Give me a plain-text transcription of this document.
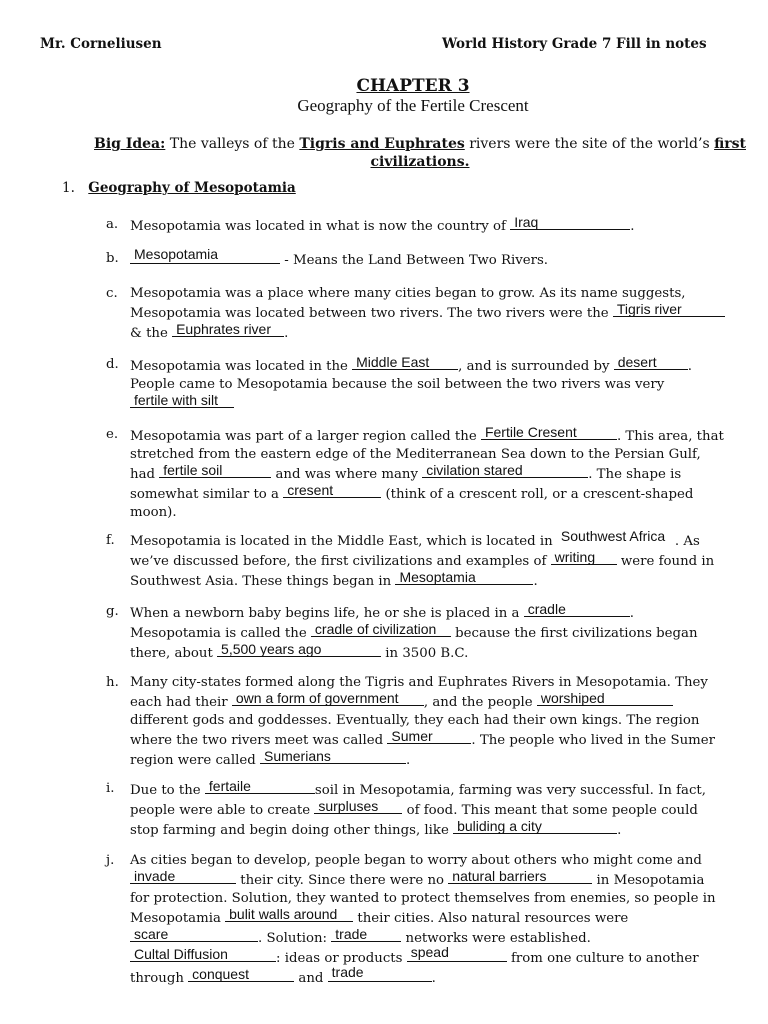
Mr. Corneliusen	World History Grade 7 Fill in notes
CHAPTER 3
Geography of the Fertile Crescent
Big Idea: The valleys of the Tigris and Euphrates rivers were the site of the world’s first civilizations.
1. Geography of Mesopotamia
a. Mesopotamia was located in what is now the country of Iraq	.
b. Mesopotamia	- Means the Land Between Two Rivers.
c. Mesopotamia was a place where many cities began to grow. As its name suggests, Mesopotamia was located between two rivers. The two rivers were the Tigris river
& the Euphrates river .
d. Mesopotamia was located in the Middle East , and is surrounded by desert . People came to Mesopotamia because the soil between the two rivers was very
fertile with silt
e. Mesopotamia was part of a larger region called the Fertile Cresent	. This area, that stretched from the eastern edge of the Mediterranean Sea down to the Persian Gulf, had fertile soil	and was where many civilation stared	. The shape is somewhat similar to a cresent	(think of a crescent roll, or a crescent-shaped moon).
f. Mesopotamia is located in the Middle East, which is located in Southwest Africa . As we’ve discussed before, the first civilizations and examples of writing were found in Southwest Asia. These things began in Mesoptamia	.
g. When a newborn baby begins life, he or she is placed in a cradle	. Mesopotamia is called the cradle of civilization because the first civilizations began there, about 5,500 years ago	in 3500 B.C.
h. Many city-states formed along the Tigris and Euphrates Rivers in Mesopotamia. They each had their own a form of government , and the people worshiped
different gods and goddesses. Eventually, they each had their own kings. The region where the two rivers meet was called Sumer	. The people who lived in the Sumer region were called Sumerians	.
i. Due to the fertaile	soil in Mesopotamia, farming was very successful. In fact, people were able to create surpluses of food. This meant that some people could stop farming and begin doing other things, like buliding a city	.
j. As cities began to develop, people began to worry about others who might come and
invade	their city. Since there were no natural barriers	in Mesopotamia for protection. Solution, they wanted to protect themselves from enemies, so people in Mesopotamia bulit walls around their cities. Also natural resources were
scare	. Solution: trade	networks were established.
Cultal Diffusion	: ideas or products spead	from one culture to another through conquest	and trade	.
